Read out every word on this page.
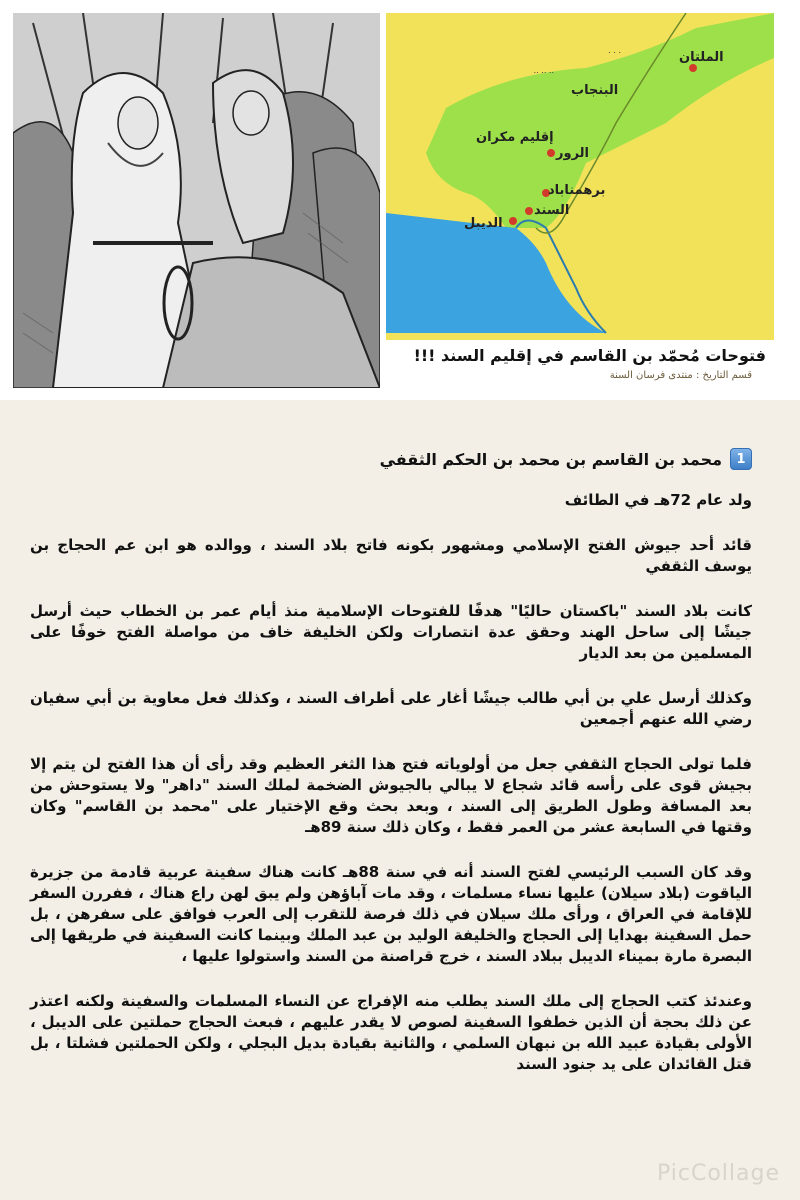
.. .. ..
. . .	الملتان
البنجاب
إقليم مكران
الرور
برهمناباد
السند
الديبل
فتوحات مُحمّد بن القاسم في إقليم السند !!!
قسم التاريخ : منتدى فرسان السنة
1
محمد بن القاسم بن محمد بن الحكم الثقفي

ولد عام 72هـ في الطائف

قائد أحد جيوش الفتح الإسلامي ومشهور بكونه فاتح بلاد السند ، ووالده هو ابن عم الحجاج بن يوسف الثقفي

كانت بلاد السند "باكستان حاليًا" هدفًا للفتوحات الإسلامية منذ أيام عمر بن الخطاب حيث أرسل جيشًا إلى ساحل الهند وحقق عدة انتصارات ولكن الخليفة خاف من مواصلة الفتح خوفًا على المسلمين من بعد الديار

وكذلك أرسل علي بن أبي طالب جيشًا أغار على أطراف السند ، وكذلك فعل معاوية بن أبي سفيان رضي الله عنهم أجمعين

فلما تولى الحجاج الثقفي جعل من أولوياته فتح هذا الثغر العظيم وقد رأى أن هذا الفتح لن يتم إلا بجيش قوى على رأسه قائد شجاع لا يبالي بالجيوش الضخمة لملك السند "داهر" ولا يستوحش من بعد المسافة وطول الطريق إلى السند ، وبعد بحث وقع الإختيار على "محمد بن القاسم" وكان وقتها في السابعة عشر من العمر فقط ، وكان ذلك سنة 89هـ

وقد كان السبب الرئيسي لفتح السند أنه في سنة 88هـ كانت هناك سفينة عربية قادمة من جزيرة الياقوت (بلاد سيلان) عليها نساء مسلمات ، وقد مات آباؤهن ولم يبق لهن راع هناك ، ففررن السفر للإقامة في العراق ، ورأى ملك سيلان في ذلك فرصة للتقرب إلى العرب فوافق على سفرهن ، بل حمل السفينة بهدايا إلى الحجاج والخليفة الوليد بن عبد الملك وبينما كانت السفينة في طريقها إلى البصرة مارة بميناء الديبل ببلاد السند ، خرج قراصنة من السند واستولوا عليها ،

وعندئذ كتب الحجاج إلى ملك السند يطلب منه الإفراج عن النساء المسلمات والسفينة ولكنه اعتذر عن ذلك بحجة أن الذين خطفوا السفينة لصوص لا يقدر عليهم ، فبعث الحجاج حملتين على الديبل ، الأولى بقيادة عبيد الله بن نبهان السلمي ، والثانية بقيادة بديل البجلي ، ولكن الحملتين فشلتا ، بل قتل القائدان على يد جنود السند

PicCollage
